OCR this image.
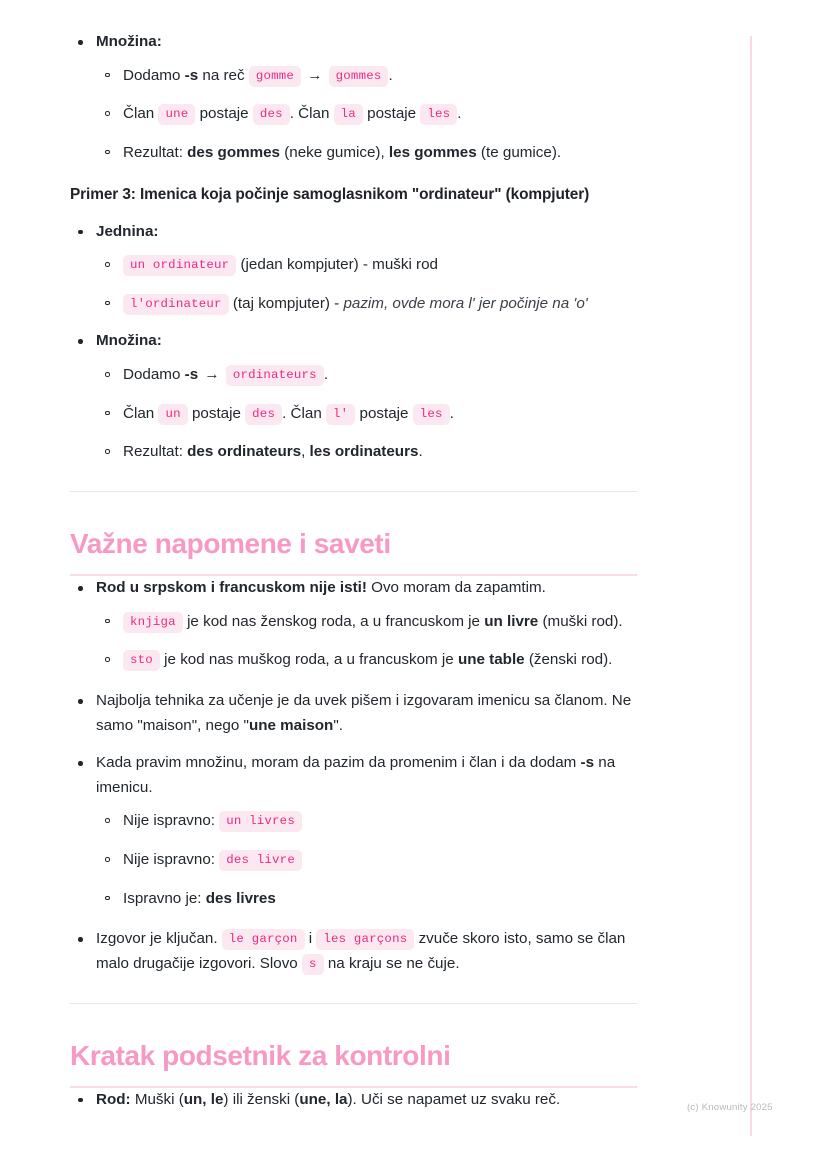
Množina:
Dodamo -s na reč gomme → gommes .
Član une postaje des . Član la postaje les .
Rezultat: des gommes (neke gumice), les gommes (te gumice).
Primer 3: Imenica koja počinje samoglasnikom "ordinateur" (kompjuter)
Jednina:
un ordinateur (jedan kompjuter) - muški rod
l'ordinateur (taj kompjuter) - pazim, ovde mora l' jer počinje na 'o'
Množina:
Dodamo -s → ordinateurs .
Član un postaje des . Član l' postaje les .
Rezultat: des ordinateurs, les ordinateurs.
Važne napomene i saveti
Rod u srpskom i francuskom nije isti! Ovo moram da zapamtim.
knjiga je kod nas ženskog roda, a u francuskom je un livre (muški rod).
sto je kod nas muškog roda, a u francuskom je une table (ženski rod).
Najbolja tehnika za učenje je da uvek pišem i izgovaram imenicu sa članom. Ne samo "maison", nego "une maison".
Kada pravim množinu, moram da pazim da promenim i član i da dodam -s na imenicu.
Nije ispravno: un livres
Nije ispravno: des livre
Ispravno je: des livres
Izgovor je ključan. le garçon i les garçons zvuče skoro isto, samo se član malo drugačije izgovori. Slovo s na kraju se ne čuje.
Kratak podsetnik za kontrolni
Rod: Muški (un, le) ili ženski (une, la). Uči se napamet uz svaku reč.	(c) Knowunity 2025
